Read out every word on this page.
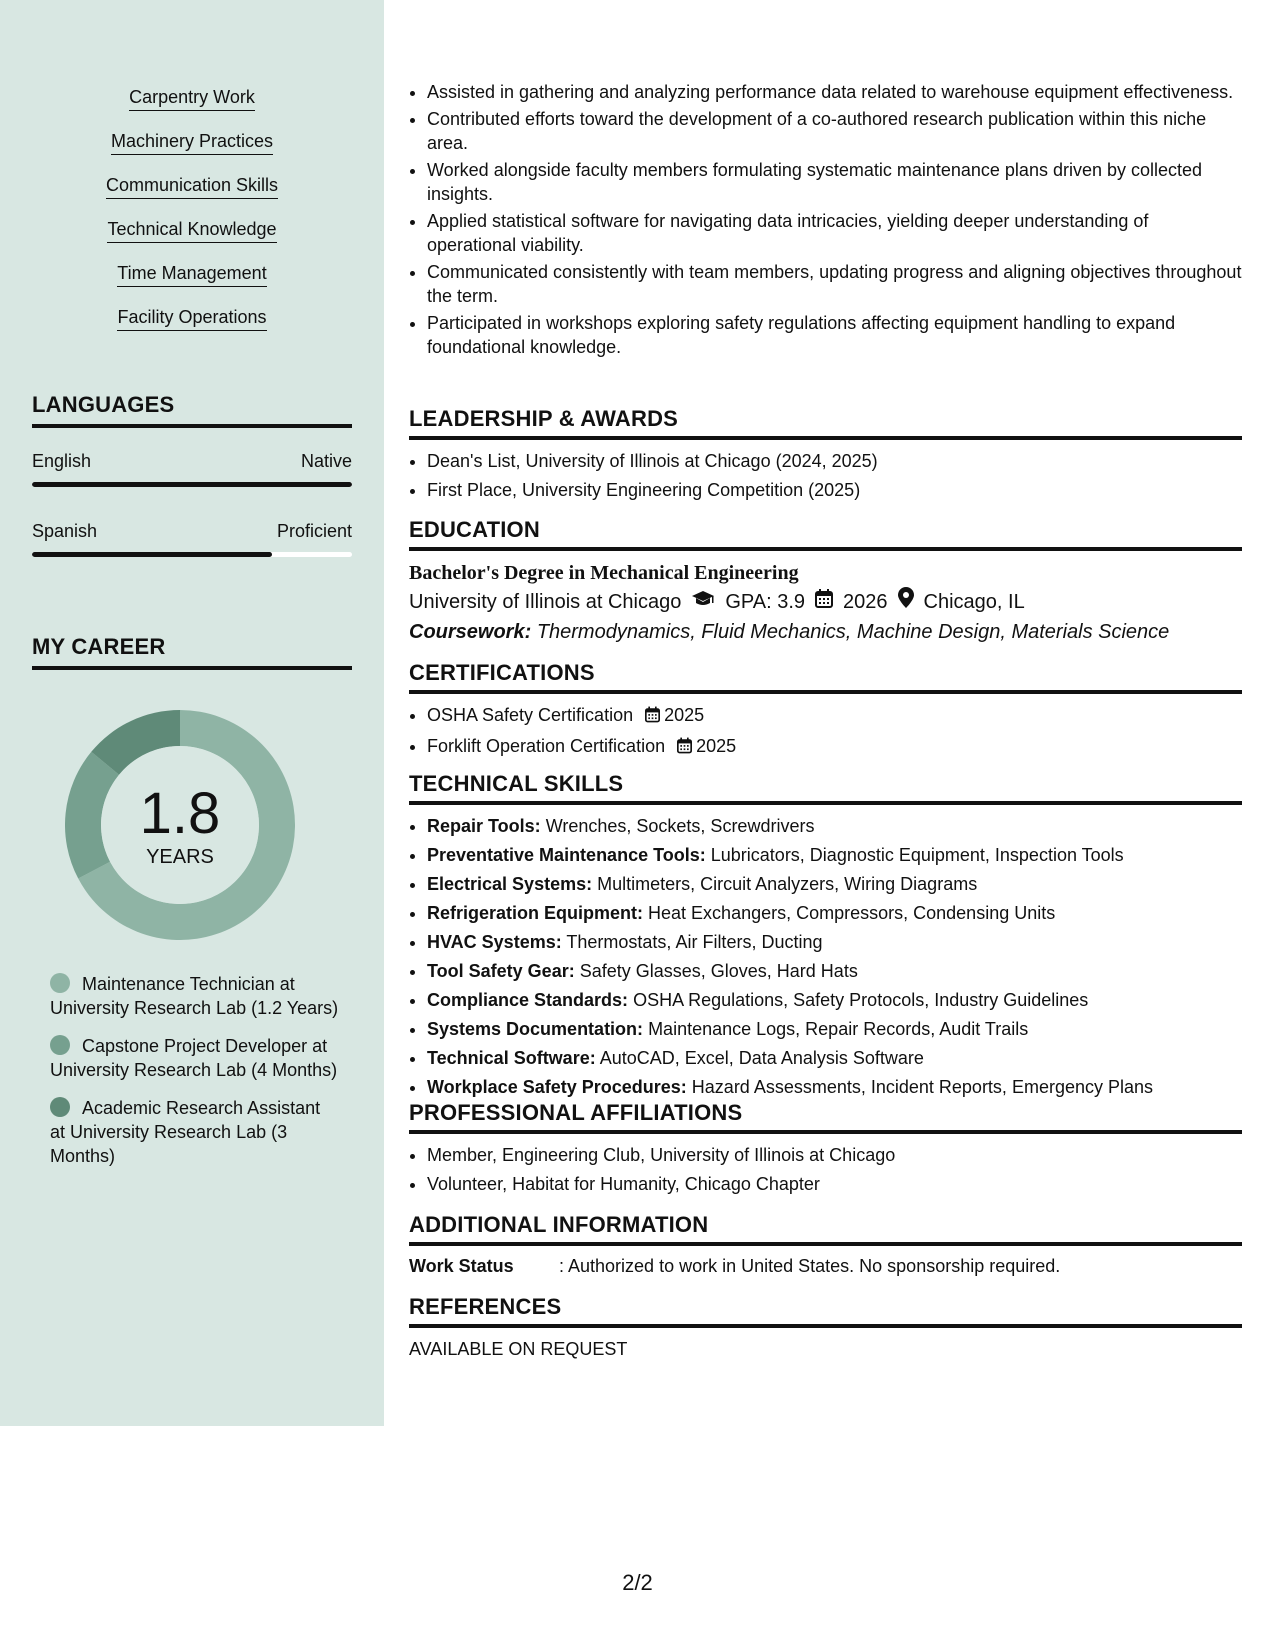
Carpentry Work
Machinery Practices
Communication Skills
Technical Knowledge
Time Management
Facility Operations
LANGUAGES
English	Native
Spanish	Proficient
MY CAREER
1.8
YEARS
Maintenance Technician at University Research Lab (1.2 Years)
Capstone Project Developer at University Research Lab (4 Months)
Academic Research Assistant at University Research Lab (3 Months)
• Assisted in gathering and analyzing performance data related to warehouse equipment effectiveness.
• Contributed efforts toward the development of a co-authored research publication within this niche area.
• Worked alongside faculty members formulating systematic maintenance plans driven by collected insights.
• Applied statistical software for navigating data intricacies, yielding deeper understanding of operational viability.
• Communicated consistently with team members, updating progress and aligning objectives throughout the term.
• Participated in workshops exploring safety regulations affecting equipment handling to expand foundational knowledge.
LEADERSHIP & AWARDS
• Dean's List, University of Illinois at Chicago (2024, 2025)
• First Place, University Engineering Competition (2025)
EDUCATION
Bachelor's Degree in Mechanical Engineering
University of Illinois at Chicago GPA: 3.9 2026 Chicago, IL
Coursework: Thermodynamics, Fluid Mechanics, Machine Design, Materials Science
CERTIFICATIONS
• OSHA Safety Certification 2025
• Forklift Operation Certification 2025
TECHNICAL SKILLS
• Repair Tools: Wrenches, Sockets, Screwdrivers
• Preventative Maintenance Tools: Lubricators, Diagnostic Equipment, Inspection Tools
• Electrical Systems: Multimeters, Circuit Analyzers, Wiring Diagrams
• Refrigeration Equipment: Heat Exchangers, Compressors, Condensing Units
• HVAC Systems: Thermostats, Air Filters, Ducting
• Tool Safety Gear: Safety Glasses, Gloves, Hard Hats
• Compliance Standards: OSHA Regulations, Safety Protocols, Industry Guidelines
• Systems Documentation: Maintenance Logs, Repair Records, Audit Trails
• Technical Software: AutoCAD, Excel, Data Analysis Software
• Workplace Safety Procedures: Hazard Assessments, Incident Reports, Emergency Plans
PROFESSIONAL AFFILIATIONS
• Member, Engineering Club, University of Illinois at Chicago
• Volunteer, Habitat for Humanity, Chicago Chapter
ADDITIONAL INFORMATION
Work Status	: Authorized to work in United States. No sponsorship required.
REFERENCES
AVAILABLE ON REQUEST
2/2
